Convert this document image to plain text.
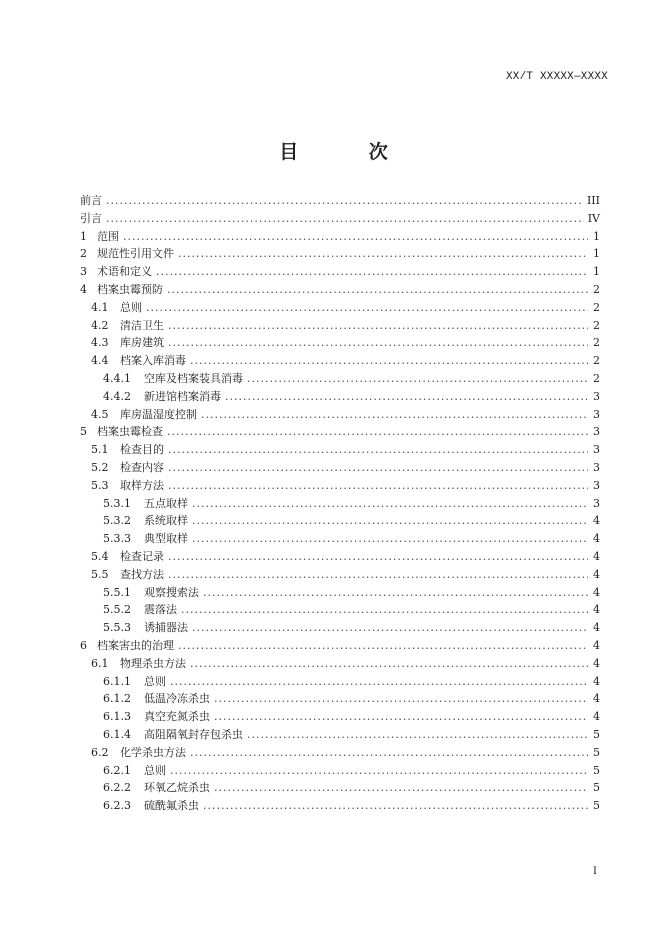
XX/T XXXXX—XXXX
目 次
前言 .....	III
引言 .....	IV
1 范围 .....	1
2 规范性引用文件 .....	1
3 术语和定义 .....	1
4 档案虫霉预防 .....	2
4.1	总则 .....	2
4.2	清洁卫生 .....	2
4.3	库房建筑 .....	2
4.4	档案入库消毒 .....	2
4.4.1	空库及档案装具消毒 .....	2
4.4.2	新进馆档案消毒 .....	3
4.5	库房温湿度控制 .....	3
5 档案虫霉检查 .....	3
5.1	检查目的 .....	3
5.2	检查内容 .....	3
5.3	取样方法 .....	3
5.3.1	五点取样 .....	3
5.3.2	系统取样 .....	4
5.3.3	典型取样 .....	4
5.4	检查记录 .....	4
5.5	查找方法 .....	4
5.5.1	观察搜索法 .....	4
5.5.2	震落法 .....	4
5.5.3	诱捕器法 .....	4
6 档案害虫的治理 .....	4
6.1	物理杀虫方法 .....	4
6.1.1	总则 .....	4
6.1.2	低温冷冻杀虫 .....	4
6.1.3	真空充氮杀虫 .....	4
6.1.4	高阻隔氧封存包杀虫 .....	5
6.2	化学杀虫方法 .....	5
6.2.1	总则 .....	5
6.2.2	环氧乙烷杀虫 .....	5
6.2.3	硫酰氟杀虫 .....	5
I
